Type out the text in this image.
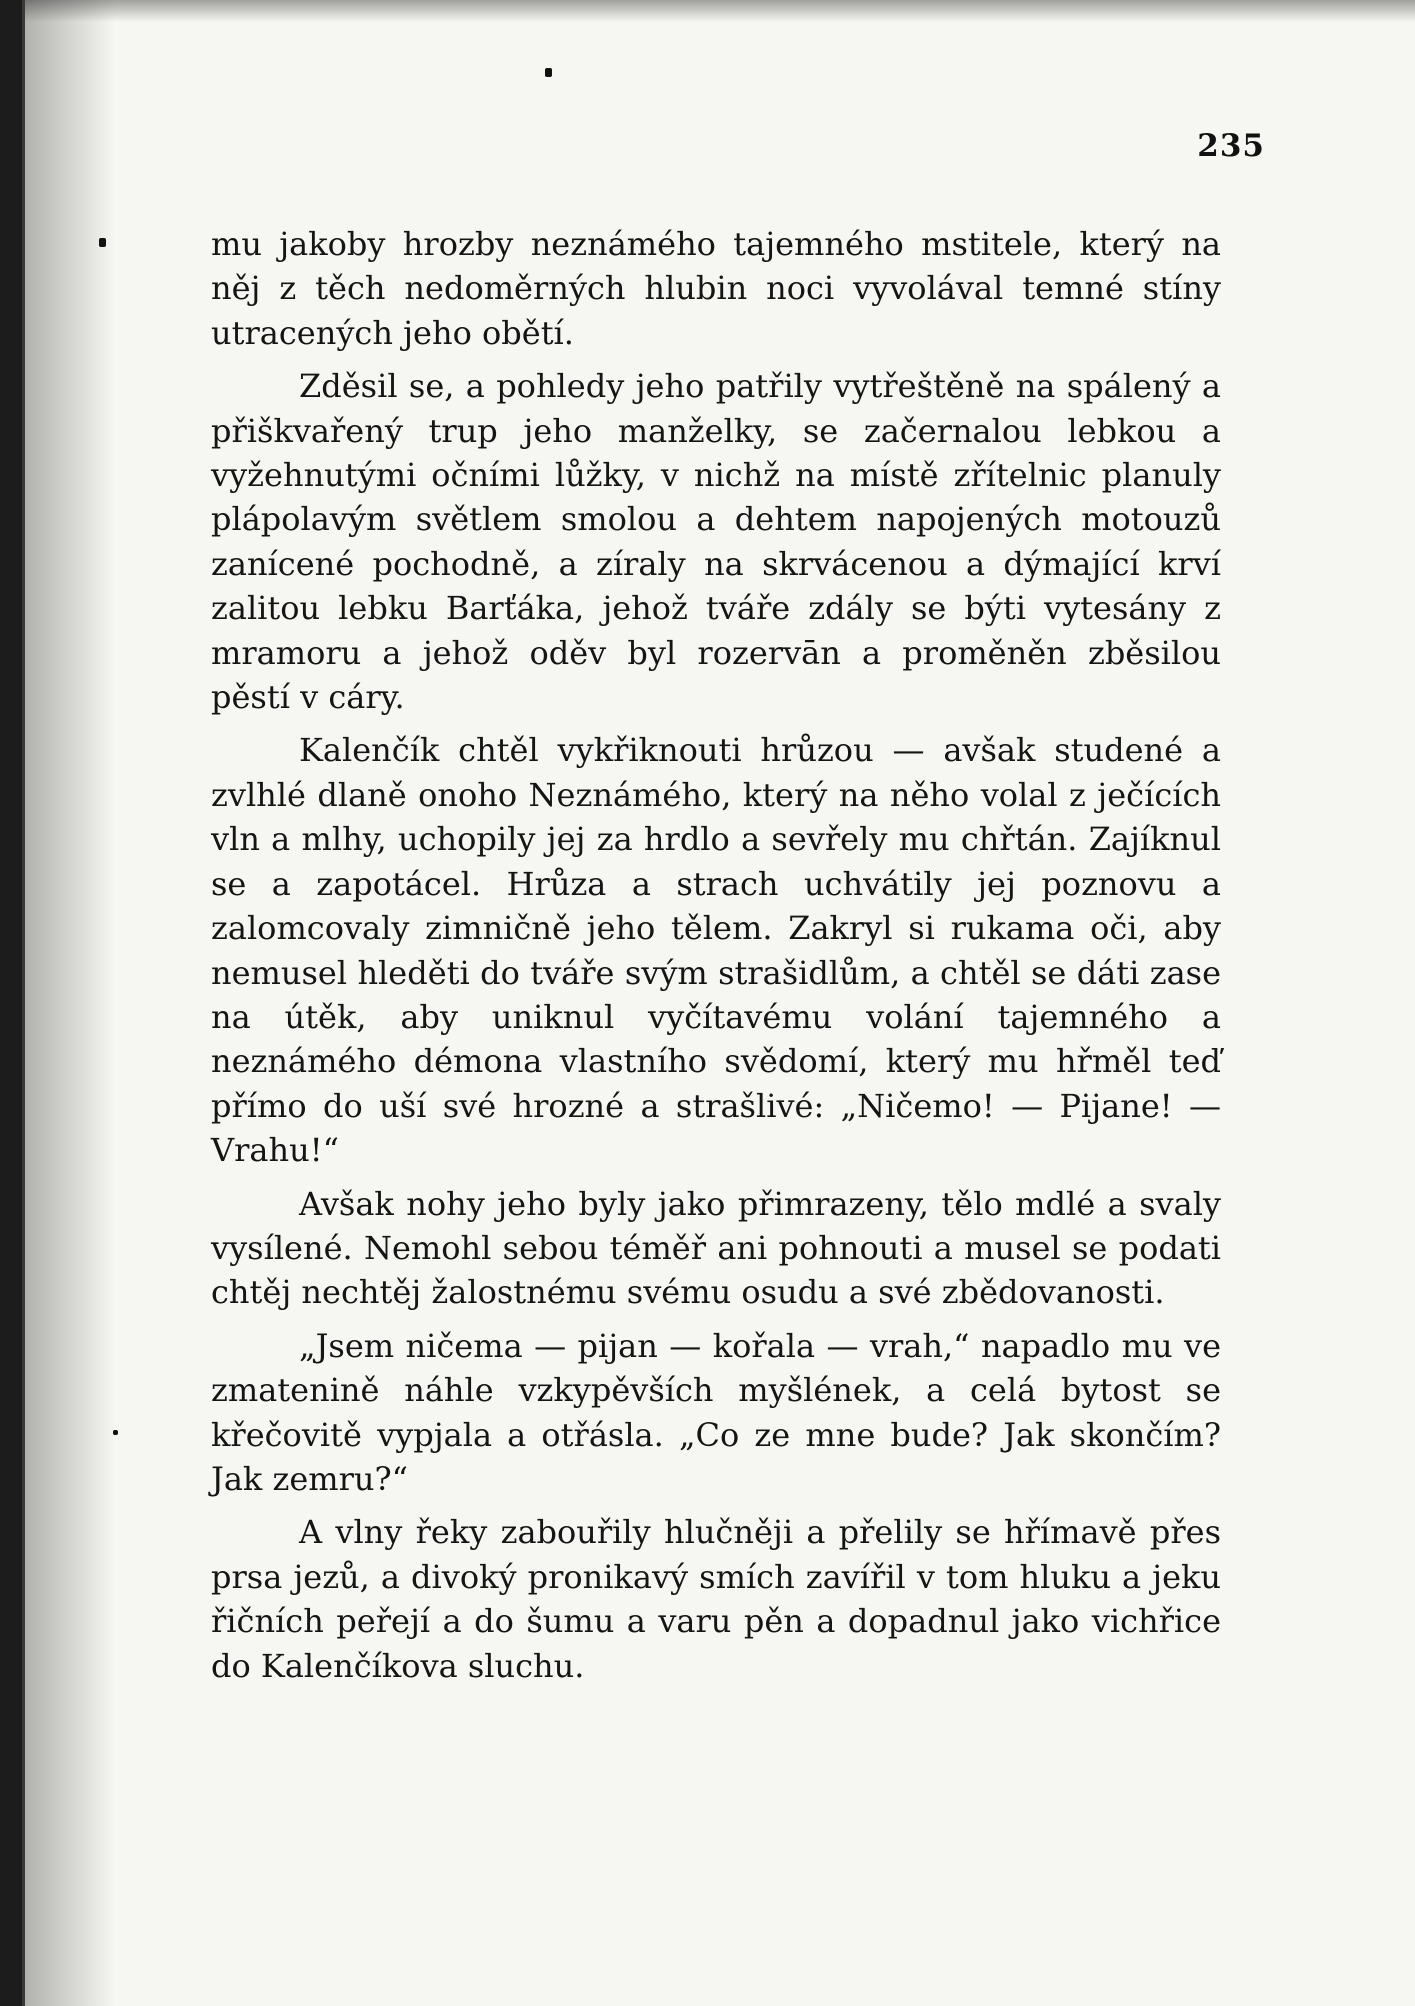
235

mu jakoby hrozby neznámého tajemného mstitele, který na něj z těch nedoměrných hlubin noci vyvolával temné stíny utracených jeho obětí.

Zděsil se, a pohledy jeho patřily vytřeštěně na spálený a přiškvařený trup jeho manželky, se začernalou lebkou a vyžehnutými očními lůžky, v nichž na místě zřítelnic planuly plápolavým světlem smolou a dehtem napojených motouzů zanícené pochodně, a zíraly na skrvácenou a dýmající krví zalitou lebku Barťáka, jehož tváře zdály se býti vytesány z mramoru a jehož oděv byl rozervān a proměněn zběsilou pěstí v cáry.

Kalenčík chtěl vykřiknouti hrůzou — avšak studené a zvlhlé dlaně onoho Neznámého, který na něho volal z ječících vln a mlhy, uchopily jej za hrdlo a sevřely mu chřtán. Zajíknul se a zapotácel. Hrůza a strach uchvátily jej poznovu a zalomcovaly zimničně jeho tělem. Zakryl si rukama oči, aby nemusel hleděti do tváře svým strašidlům, a chtěl se dáti zase na útěk, aby uniknul vyčítavému volání tajemného a neznámého démona vlastního svědomí, který mu hřměl teď přímo do uší své hrozné a strašlivé: „Ničemo! — Pijane! — Vrahu!“

Avšak nohy jeho byly jako přimrazeny, tělo mdlé a svaly vysílené. Nemohl sebou téměř ani pohnouti a musel se podati chtěj nechtěj žalostnému svému osudu a své zbědovanosti.

„Jsem ničema — pijan — kořala — vrah,“ napadlo mu ve zmatenině náhle vzkypěvších myšlének, a celá bytost se křečovitě vypjala a otřásla. „Co ze mne bude? Jak skončím? Jak zemru?“

A vlny řeky zabouřily hlučněji a přelily se hřímavě přes prsa jezů, a divoký pronikavý smích zavířil v tom hluku a jeku řičních peřejí a do šumu a varu pěn a dopadnul jako vichřice do Kalenčíkova sluchu.
